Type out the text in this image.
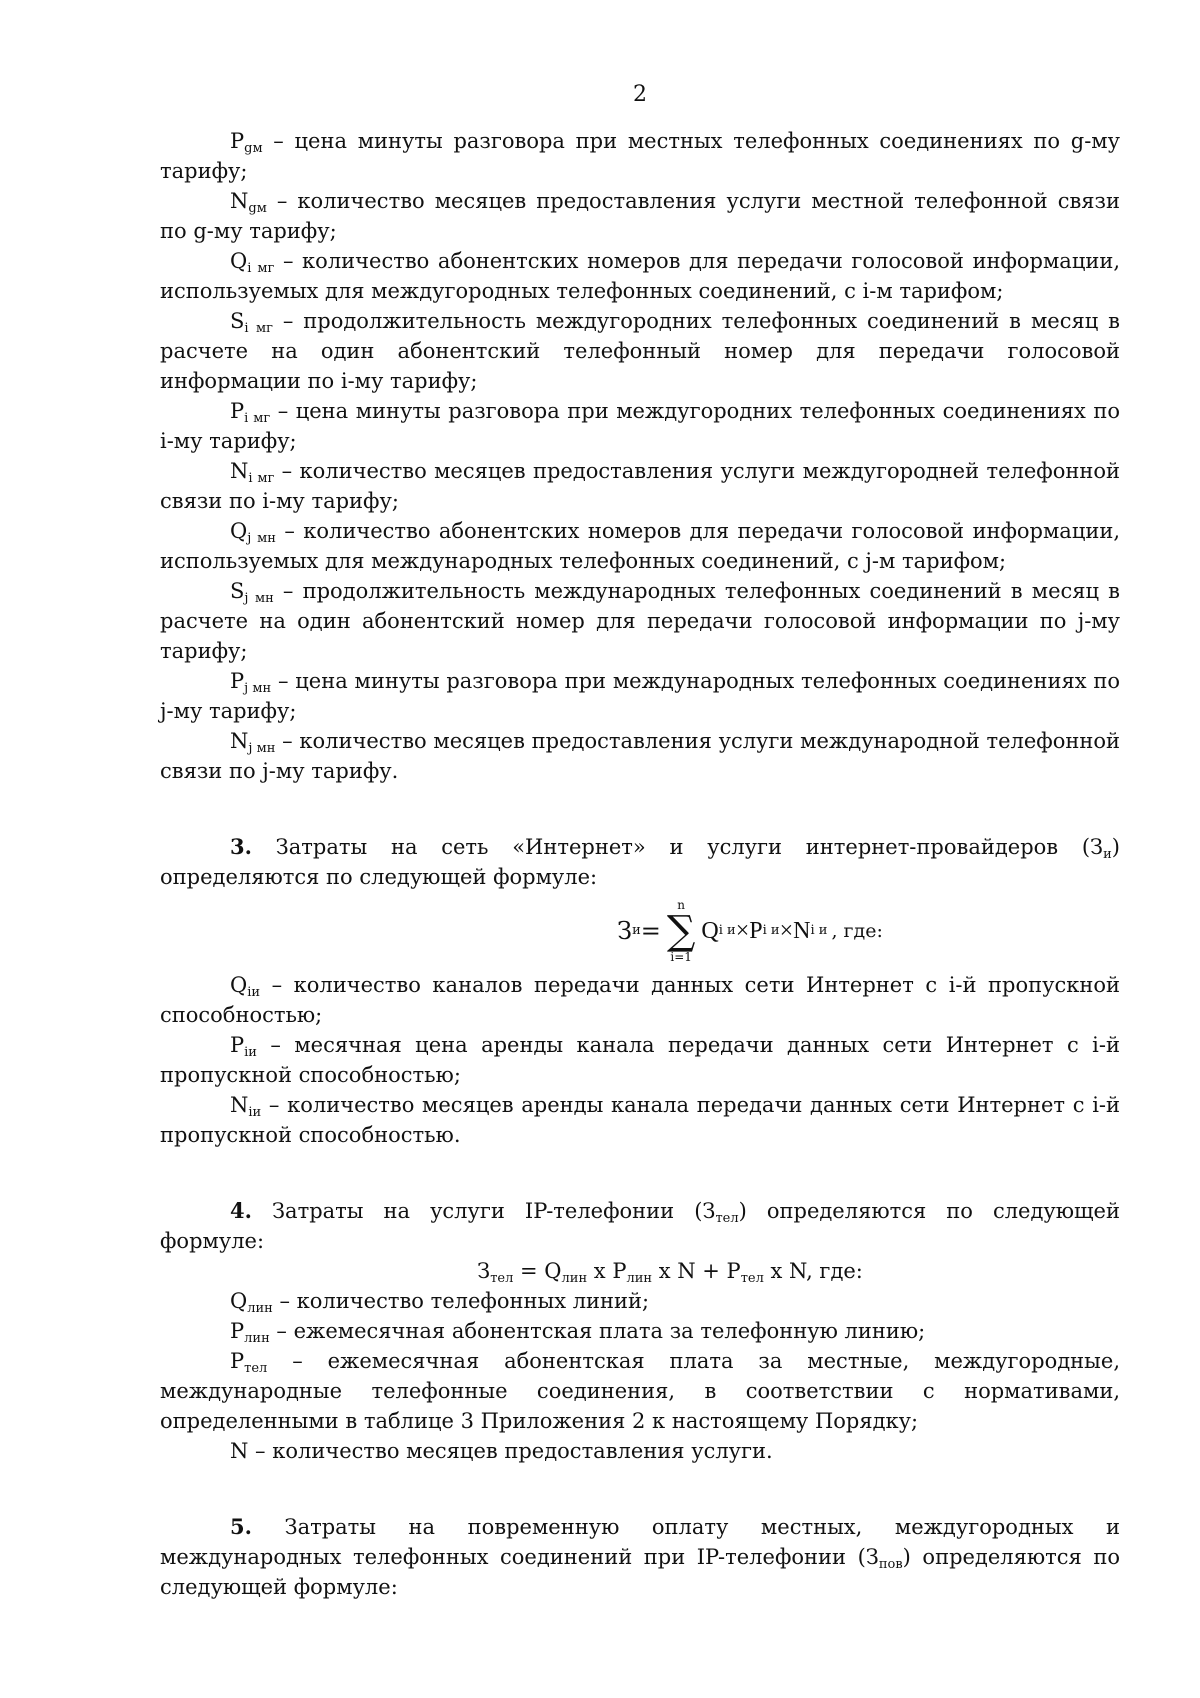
2

$P_{gм}$ – цена минуты разговора при местных телефонных соединениях по g-му тарифу;

$N_{gм}$ – количество месяцев предоставления услуги местной телефонной связи по g-му тарифу;

$Q_{i мг}$ – количество абонентских номеров для передачи голосовой информации, используемых для междугородных телефонных соединений, с i-м тарифом;

$S_{i мг}$ – продолжительность междугородних телефонных соединений в месяц в расчете на один абонентский телефонный номер для передачи голосовой информации по i-му тарифу;

$P_{i мг}$ – цена минуты разговора при междугородних телефонных соединениях по i-му тарифу;

$N_{i мг}$ – количество месяцев предоставления услуги междугородней телефонной связи по i-му тарифу;

$Q_{j мн}$ – количество абонентских номеров для передачи голосовой информации, используемых для международных телефонных соединений, с j-м тарифом;

$S_{j мн}$ – продолжительность международных телефонных соединений в месяц в расчете на один абонентский номер для передачи голосовой информации по j-му тарифу;

$P_{j мн}$ – цена минуты разговора при международных телефонных соединениях по j-му тарифу;

$N_{j мн}$ – количество месяцев предоставления услуги международной телефонной связи по j-му тарифу.

3. Затраты на сеть «Интернет» и услуги интернет-провайдеров $(З_и)$ определяются по следующей формуле:

З и =
n
∑
i=1
Q i и × P i и × N i и , где:

$Q_{iи}$ – количество каналов передачи данных сети Интернет с i-й пропускной способностью;

$P_{iи}$ – месячная цена аренды канала передачи данных сети Интернет с i-й пропускной способностью;

$N_{iи}$ – количество месяцев аренды канала передачи данных сети Интернет с i-й пропускной способностью.

4. Затраты на услуги IP-телефонии $(З_{тел})$ определяются по следующей формуле:

$З_{тел} = Q_{лин}$ х $P_{лин}$ х $N + P_{тел}$ х N, где:

$Q_{лин}$ – количество телефонных линий;

$P_{лин}$ – ежемесячная абонентская плата за телефонную линию;

$P_{тел}$ – ежемесячная абонентская плата за местные, междугородные, международные телефонные соединения, в соответствии с нормативами, определенными в таблице 3 Приложения 2 к настоящему Порядку;

N – количество месяцев предоставления услуги.

5. Затраты на повременную оплату местных, междугородных и международных телефонных соединений при IP-телефонии $(З_{пов})$ определяются по следующей формуле:
